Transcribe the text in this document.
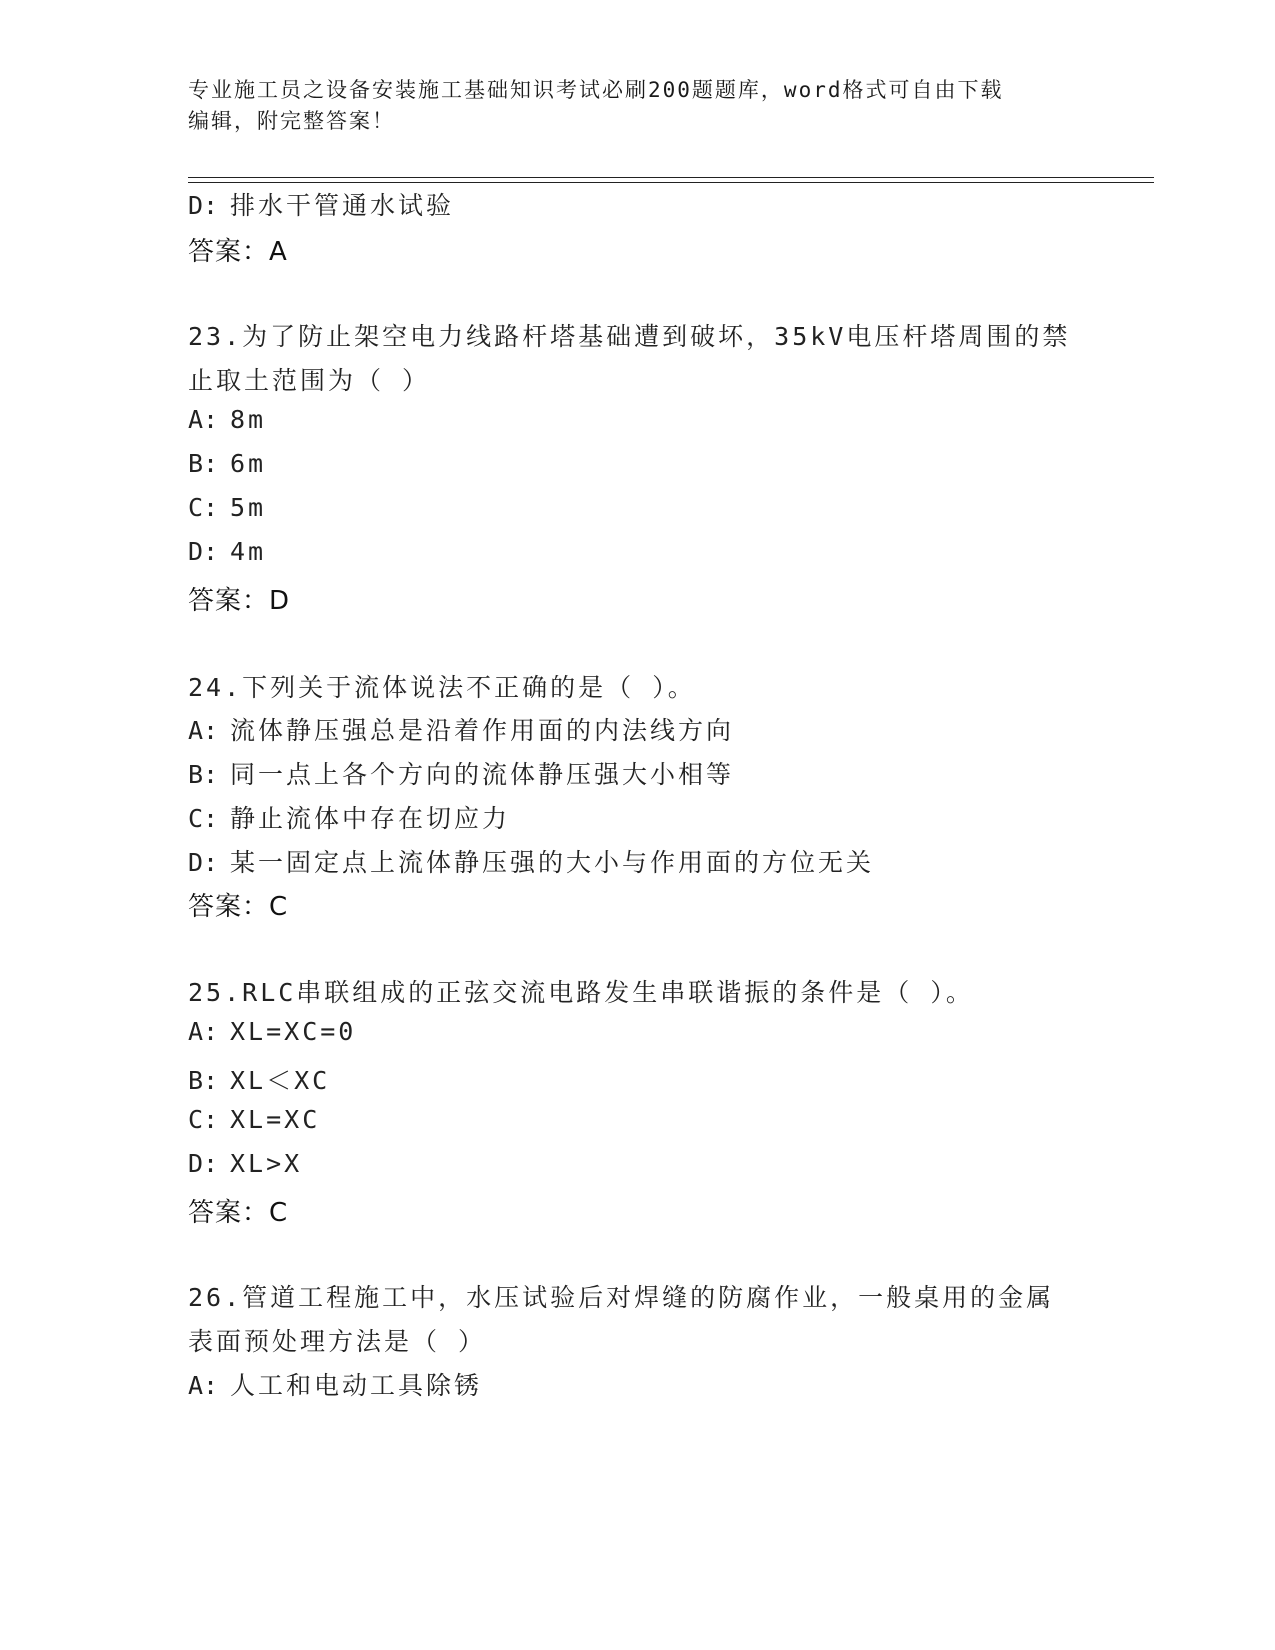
专业施工员之设备安装施工基础知识考试必刷200题题库，word格式可自由下载
编辑，附完整答案！
D: 排水干管通水试验
答案：A
23.为了防止架空电力线路杆塔基础遭到破坏，35kV电压杆塔周围的禁
止取土范围为（ ）
A: 8m
B: 6m
C: 5m
D: 4m
答案：D
24.下列关于流体说法不正确的是（ ）。
A: 流体静压强总是沿着作用面的内法线方向
B: 同一点上各个方向的流体静压强大小相等
C: 静止流体中存在切应力
D: 某一固定点上流体静压强的大小与作用面的方位无关
答案：C
25.RLC串联组成的正弦交流电路发生串联谐振的条件是（ ）。
A: XL=XC=0
B: XL＜XC
C: XL=XC
D: XL>X
答案：C
26.管道工程施工中，水压试验后对焊缝的防腐作业，一般桌用的金属
表面预处理方法是（ ）
A: 人工和电动工具除锈
